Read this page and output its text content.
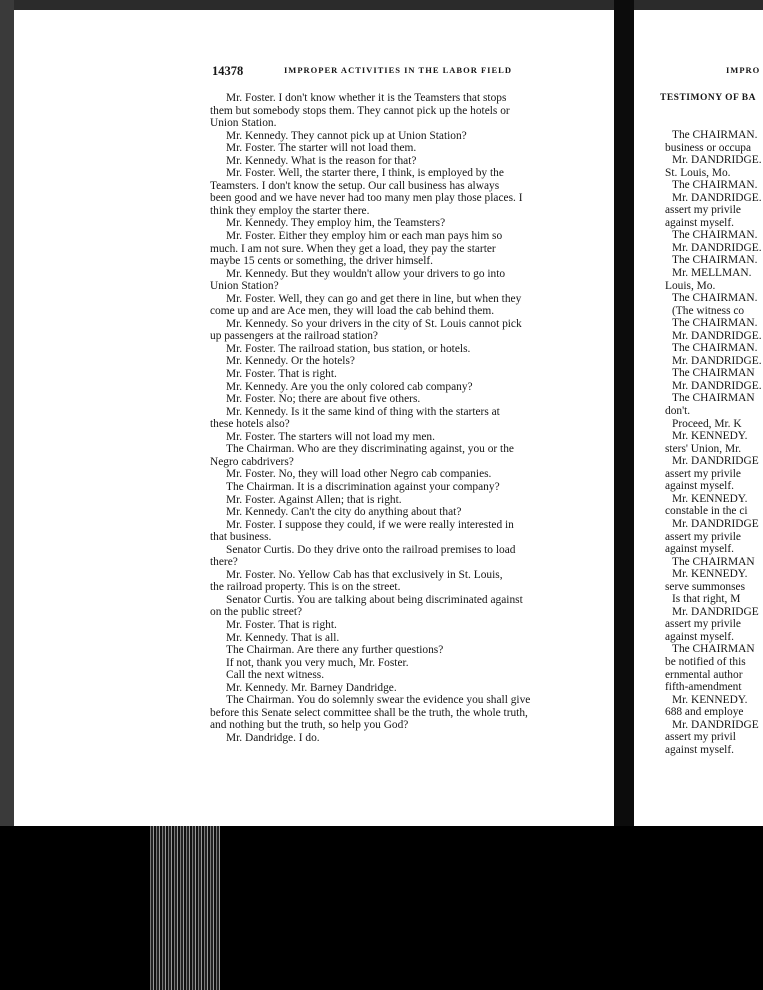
14378	IMPROPER ACTIVITIES IN THE LABOR FIELD

Mr. Foster. I don't know whether it is the Teamsters that stops

them but somebody stops them. They cannot pick up the hotels or

Union Station.

Mr. Kennedy. They cannot pick up at Union Station?

Mr. Foster. The starter will not load them.

Mr. Kennedy. What is the reason for that?

Mr. Foster. Well, the starter there, I think, is employed by the

Teamsters. I don't know the setup. Our call business has always

been good and we have never had too many men play those places. I

think they employ the starter there.

Mr. Kennedy. They employ him, the Teamsters?

Mr. Foster. Either they employ him or each man pays him so

much. I am not sure. When they get a load, they pay the starter

maybe 15 cents or something, the driver himself.

Mr. Kennedy. But they wouldn't allow your drivers to go into

Union Station?

Mr. Foster. Well, they can go and get there in line, but when they

come up and are Ace men, they will load the cab behind them.

Mr. Kennedy. So your drivers in the city of St. Louis cannot pick

up passengers at the railroad station?

Mr. Foster. The railroad station, bus station, or hotels.

Mr. Kennedy. Or the hotels?

Mr. Foster. That is right.

Mr. Kennedy. Are you the only colored cab company?

Mr. Foster. No; there are about five others.

Mr. Kennedy. Is it the same kind of thing with the starters at

these hotels also?

Mr. Foster. The starters will not load my men.

The Chairman. Who are they discriminating against, you or the

Negro cabdrivers?

Mr. Foster. No, they will load other Negro cab companies.

The Chairman. It is a discrimination against your company?

Mr. Foster. Against Allen; that is right.

Mr. Kennedy. Can't the city do anything about that?

Mr. Foster. I suppose they could, if we were really interested in

that business.

Senator Curtis. Do they drive onto the railroad premises to load

there?

Mr. Foster. No. Yellow Cab has that exclusively in St. Louis,

the railroad property. This is on the street.

Senator Curtis. You are talking about being discriminated against

on the public street?

Mr. Foster. That is right.

Mr. Kennedy. That is all.

The Chairman. Are there any further questions?

If not, thank you very much, Mr. Foster.

Call the next witness.

Mr. Kennedy. Mr. Barney Dandridge.

The Chairman. You do solemnly swear the evidence you shall give

before this Senate select committee shall be the truth, the whole truth,

and nothing but the truth, so help you God?

Mr. Dandridge. I do.

IMPRO
TESTIMONY OF BA

The CHAIRMAN.

business or occupa

Mr. DANDRIDGE.

St. Louis, Mo.

The CHAIRMAN.

Mr. DANDRIDGE.

assert my privile

against myself.

The CHAIRMAN.

Mr. DANDRIDGE.

The CHAIRMAN.

Mr. MELLMAN.

Louis, Mo.

The CHAIRMAN.

(The witness co

The CHAIRMAN.

Mr. DANDRIDGE.

The CHAIRMAN.

Mr. DANDRIDGE.

The CHAIRMAN

Mr. DANDRIDGE.

The CHAIRMAN

don't.

Proceed, Mr. K

Mr. KENNEDY.

sters' Union, Mr.

Mr. DANDRIDGE

assert my privile

against myself.

Mr. KENNEDY.

constable in the ci

Mr. DANDRIDGE

assert my privile

against myself.

The CHAIRMAN

Mr. KENNEDY.

serve summonses

Is that right, M

Mr. DANDRIDGE

assert my privile

against myself.

The CHAIRMAN

be notified of this

ernmental author

fifth-amendment

Mr. KENNEDY.

688 and employe

Mr. DANDRIDGE

assert my privil

against myself.
